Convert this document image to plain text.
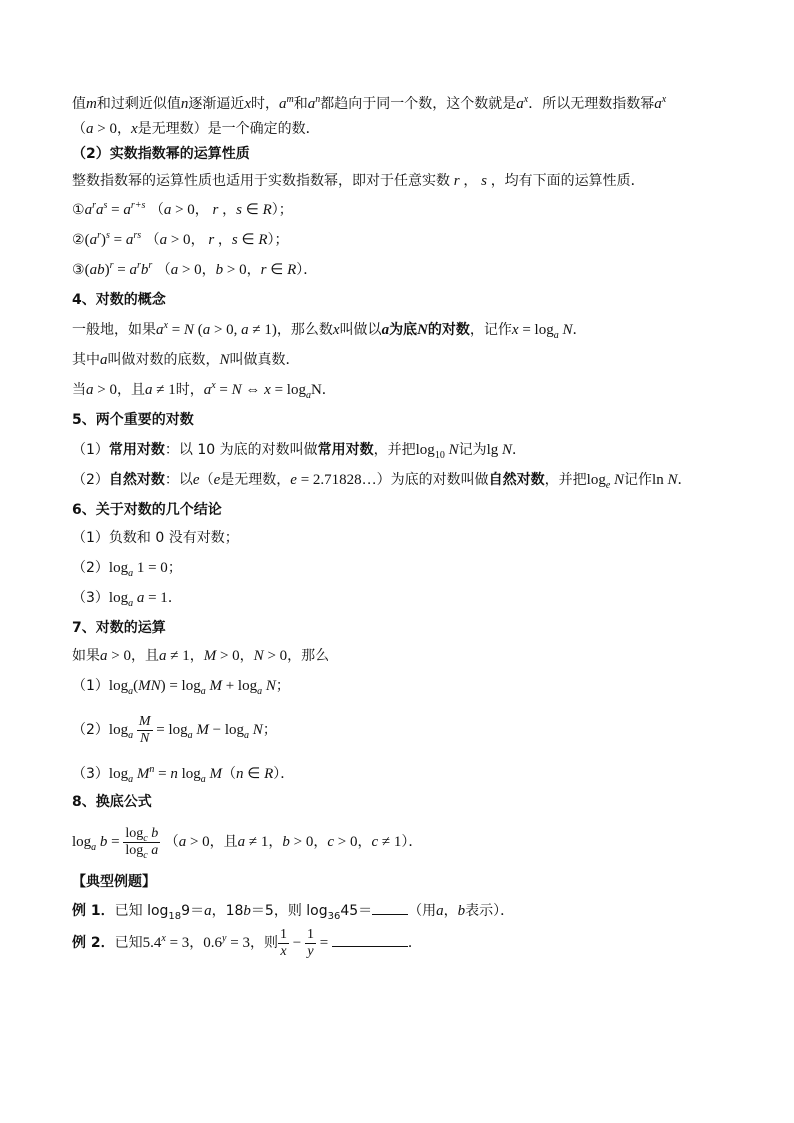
值m和过剩近似值n逐渐逼近x时，$a^m$和$a^n$都趋向于同一个数，这个数就是$a^x$．所以无理数指数幂$a^x$

（a > 0，x是无理数）是一个确定的数．

（2）实数指数幂的运算性质

整数指数幂的运算性质也适用于实数指数幂，即对于任意实数 r ， s ，均有下面的运算性质．

$①a^ra^s = a^{r+s}$ （a > 0， r ，s ∈ R）；

$②(a^r)^s = a^{rs}$ （a > 0， r ，s ∈ R）；

③(ab)$^r$ = $a^rb^r$ （a > 0，b > 0，r ∈ R）．

4、对数的概念

一般地，如果$a^x = N$ (a > 0, a ≠ 1)，那么数x叫做以a为底N的对数，记作$x = \log_a N$．

其中a叫做对数的底数，N叫做真数．

当a > 0，且a ≠ 1时，$a^x = N$ ⇔ $x = \log_aN$．

5、两个重要的对数

（1）常用对数：以 10 为底的对数叫做常用对数，并把$\log_{10} N$记为lg N．

（2）自然对数：以e（e是无理数，e = 2.71828…）为底的对数叫做自然对数，并把$\log_e N$记作ln N．

6、关于对数的几个结论

（1）负数和 0 没有对数；

$(2)\log_a$ 1 = 0；

$(3)\log_a$ a = 1．

7、对数的运算

如果a > 0，且a ≠ 1，M > 0，N > 0，那么

$(1)\log_a(MN) = \log_a M + \log_a N$；

$(2)\log_a \frac{M}{N} = \log_a M - \log_a N$；

$(3)\log_a$ $M^n = n$ $\log_a M(n$ ∈ R）．

8、换底公式

$\log_a b = \frac{\log_c b}{\log_c a} (a > 0$，且a ≠ 1，b > 0，c > 0，c ≠ 1）．

【典型例题】

例 1．已知 $\log_{18}9=a$，18b＝5，则 $\log_{36}45=$	（用a，b表示）．

例 2．已知$5.4^x = 3$，$0.6^y = 3$，则 $\frac{1}{x} - \frac{1}{y}$ =	．
